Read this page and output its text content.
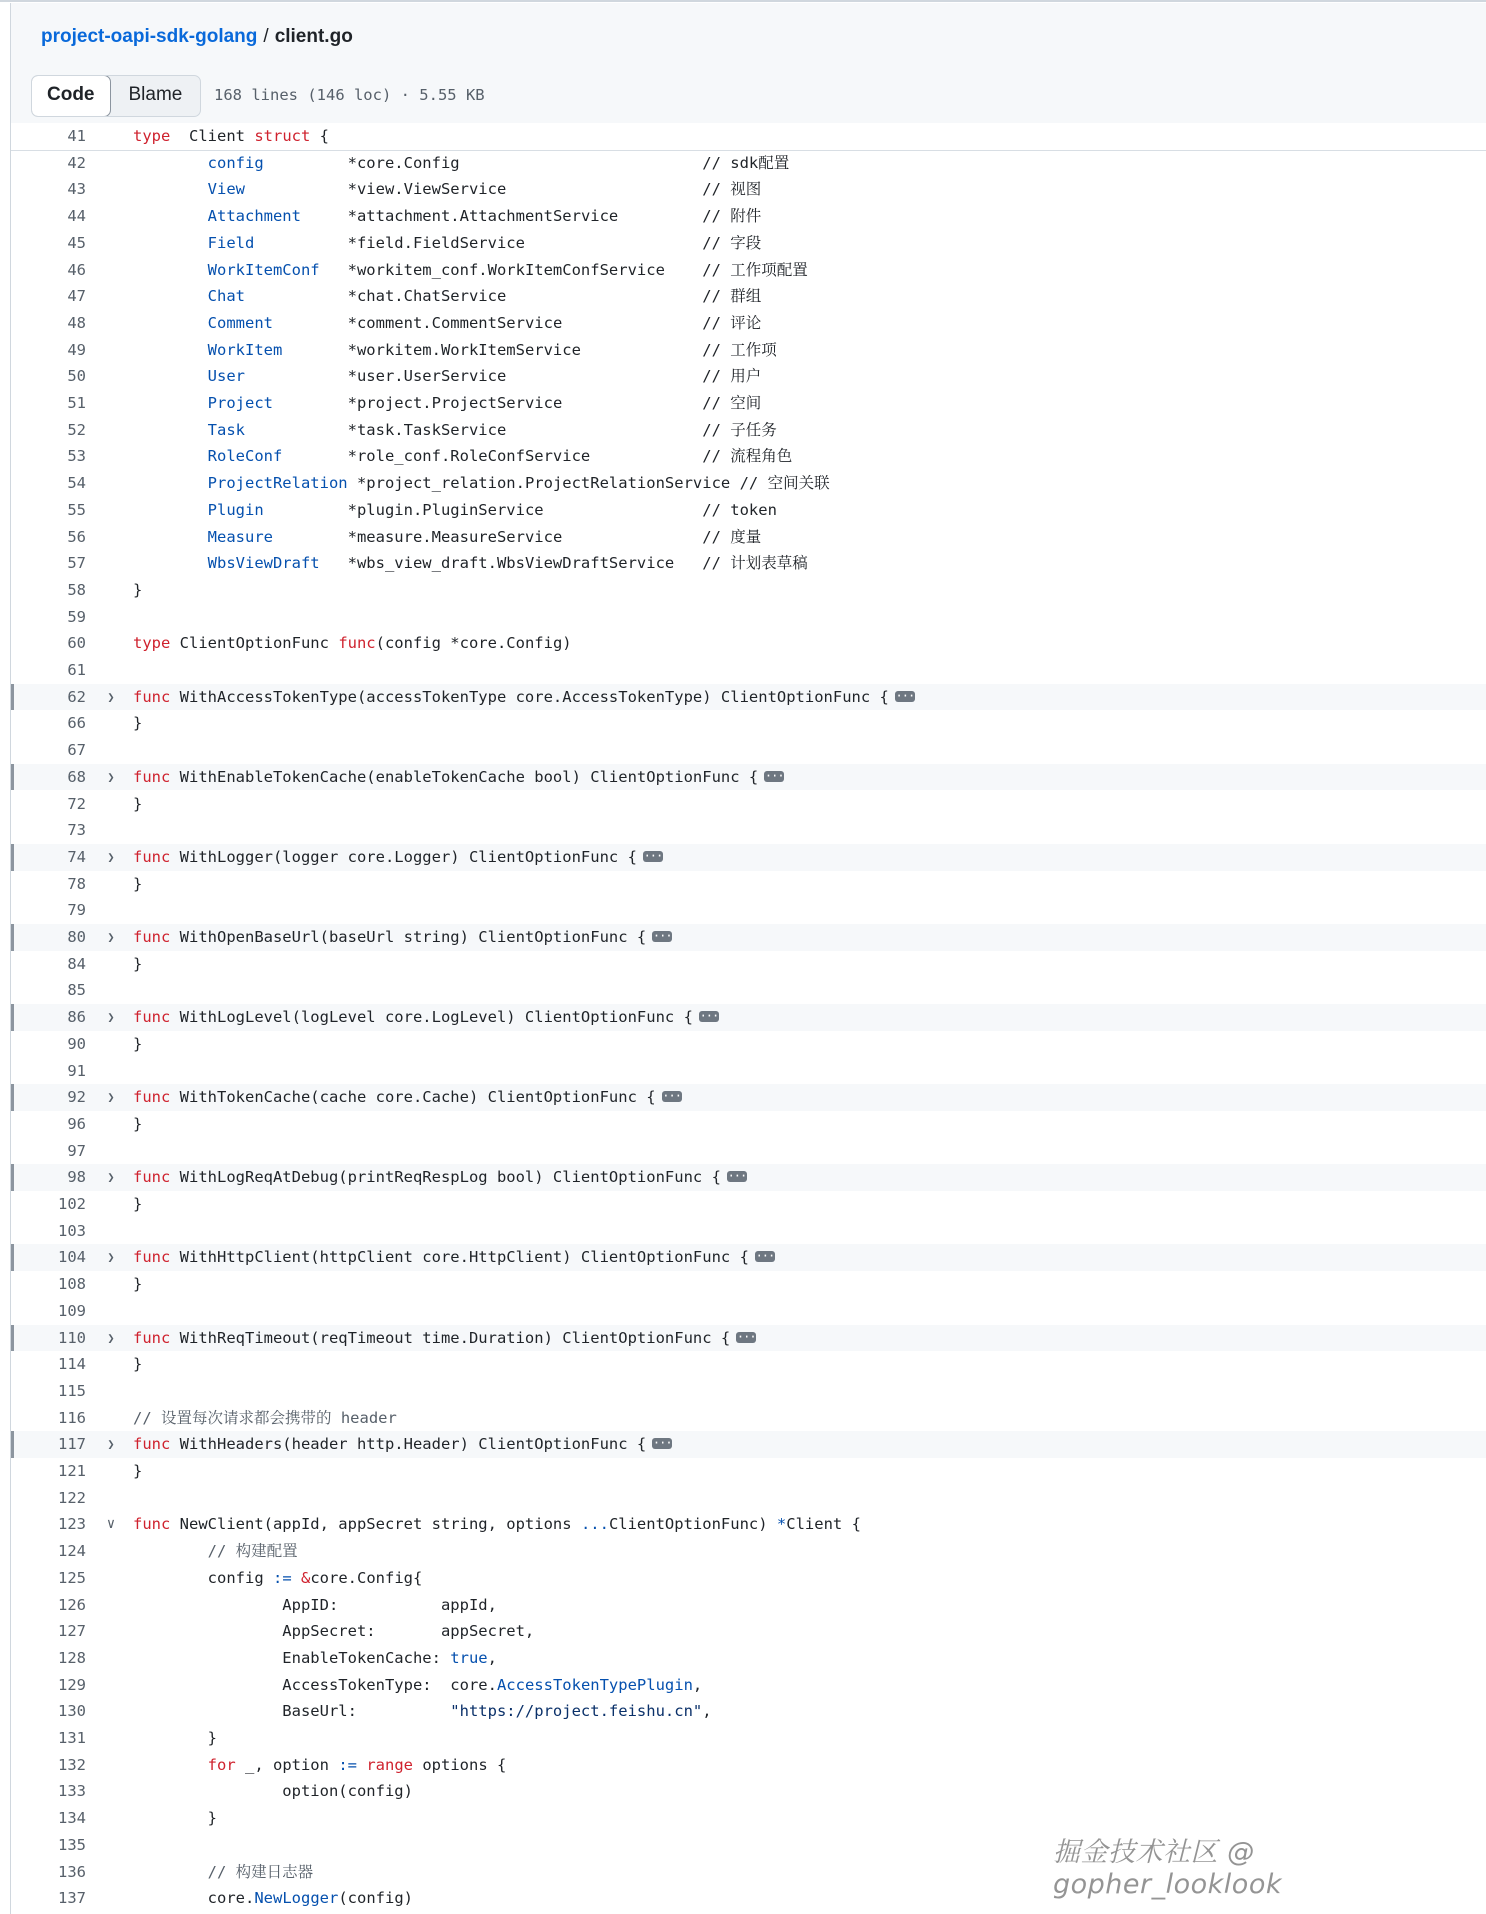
project-oapi-sdk-golang / client.go
Code	Blame	168 lines (146 loc) · 5.55 KB
41	type  Client struct {
42	config         *core.Config                          // sdk配置
43	View           *view.ViewService                     // 视图
44	Attachment     *attachment.AttachmentService         // 附件
45	Field          *field.FieldService                   // 字段
46	WorkItemConf   *workitem_conf.WorkItemConfService    // 工作项配置
47	Chat           *chat.ChatService                     // 群组
48	Comment        *comment.CommentService               // 评论
49	WorkItem       *workitem.WorkItemService             // 工作项
50	User           *user.UserService                     // 用户
51	Project        *project.ProjectService               // 空间
52	Task           *task.TaskService                     // 子任务
53	RoleConf       *role_conf.RoleConfService            // 流程角色
54	ProjectRelation *project_relation.ProjectRelationService // 空间关联
55	Plugin         *plugin.PluginService                 // token
56	Measure        *measure.MeasureService               // 度量
57	WbsViewDraft   *wbs_view_draft.WbsViewDraftService   // 计划表草稿
58	}
59
60	type ClientOptionFunc func(config *core.Config)
61
62	❯	func WithAccessTokenType(accessTokenType core.AccessTokenType) ClientOptionFunc { ···
66	}
67
68	❯	func WithEnableTokenCache(enableTokenCache bool) ClientOptionFunc { ···
72	}
73
74	❯	func WithLogger(logger core.Logger) ClientOptionFunc { ···
78	}
79
80	❯	func WithOpenBaseUrl(baseUrl string) ClientOptionFunc { ···
84	}
85
86	❯	func WithLogLevel(logLevel core.LogLevel) ClientOptionFunc { ···
90	}
91
92	❯	func WithTokenCache(cache core.Cache) ClientOptionFunc { ···
96	}
97
98	❯	func WithLogReqAtDebug(printReqRespLog bool) ClientOptionFunc { ···
102	}
103
104	❯	func WithHttpClient(httpClient core.HttpClient) ClientOptionFunc { ···
108	}
109
110	❯	func WithReqTimeout(reqTimeout time.Duration) ClientOptionFunc { ···
114	}
115
116	// 设置每次请求都会携带的 header
117	❯	func WithHeaders(header http.Header) ClientOptionFunc { ···
121	}
122
123	∨	func NewClient(appId, appSecret string, options ...ClientOptionFunc) *Client {
124	// 构建配置
125	config := &core.Config{
126	AppID:           appId,
127	AppSecret:       appSecret,
128	EnableTokenCache: true,
129	AccessTokenType:  core.AccessTokenTypePlugin,
130	BaseUrl:          "https://project.feishu.cn",
131	}
132	for _, option := range options {
133	option(config)
134	}
135
136	// 构建日志器
137	core.NewLogger(config)
掘金技术社区 @ gopher_looklook
